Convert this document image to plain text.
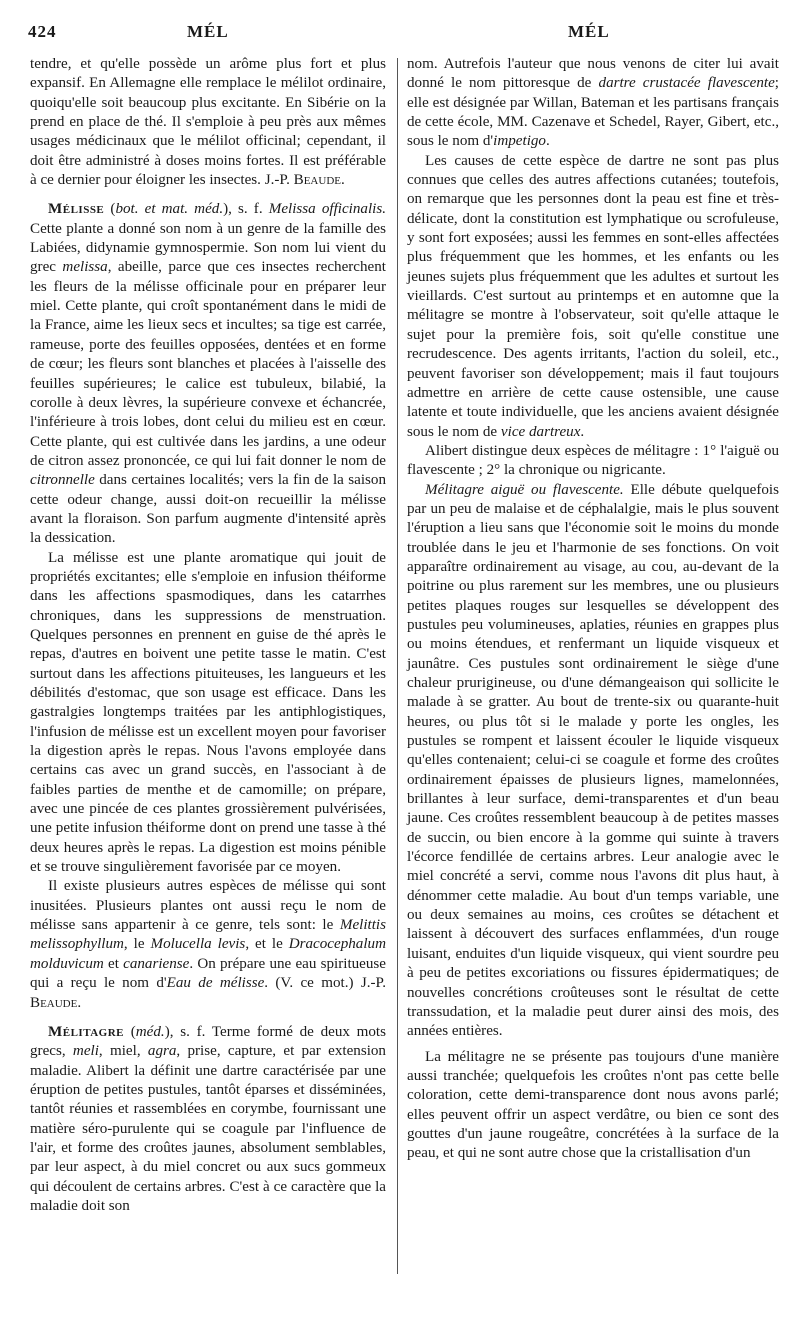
424	MÉL	MÉL

tendre, et qu'elle possède un arôme plus fort et plus expansif. En Allemagne elle remplace le mélilot ordinaire, quoiqu'elle soit beaucoup plus excitante. En Sibérie on la prend en place de thé. Il s'emploie à peu près aux mêmes usages médicinaux que le mélilot officinal; cependant, il doit être administré à doses moins fortes. Il est préférable à ce dernier pour éloigner les insectes. J.-P. Beaude.

Mélisse (bot. et mat. méd.), s. f. Melissa officinalis. Cette plante a donné son nom à un genre de la famille des Labiées, didynamie gymnospermie. Son nom lui vient du grec melissa, abeille, parce que ces insectes recherchent les fleurs de la mélisse officinale pour en préparer leur miel. Cette plante, qui croît spontanément dans le midi de la France, aime les lieux secs et incultes; sa tige est carrée, rameuse, porte des feuilles opposées, dentées et en forme de cœur; les fleurs sont blanches et placées à l'aisselle des feuilles supérieures; le calice est tubuleux, bilabié, la corolle à deux lèvres, la supérieure convexe et échancrée, l'inférieure à trois lobes, dont celui du milieu est en cœur. Cette plante, qui est cultivée dans les jardins, a une odeur de citron assez prononcée, ce qui lui fait donner le nom de citronnelle dans certaines localités; vers la fin de la saison cette odeur change, aussi doit-on recueillir la mélisse avant la floraison. Son parfum augmente d'intensité après la dessication.

La mélisse est une plante aromatique qui jouit de propriétés excitantes; elle s'emploie en infusion théiforme dans les affections spasmodiques, dans les catarrhes chroniques, dans les suppressions de menstruation. Quelques personnes en prennent en guise de thé après le repas, d'autres en boivent une petite tasse le matin. C'est surtout dans les affections pituiteuses, les langueurs et les débilités d'estomac, que son usage est efficace. Dans les gastralgies longtemps traitées par les antiphlogistiques, l'infusion de mélisse est un excellent moyen pour favoriser la digestion après le repas. Nous l'avons employée dans certains cas avec un grand succès, en l'associant à de faibles parties de menthe et de camomille; on prépare, avec une pincée de ces plantes grossièrement pulvérisées, une petite infusion théiforme dont on prend une tasse à thé deux heures après le repas. La digestion est moins pénible et se trouve singulièrement favorisée par ce moyen.

Il existe plusieurs autres espèces de mélisse qui sont inusitées. Plusieurs plantes ont aussi reçu le nom de mélisse sans appartenir à ce genre, tels sont: le Melittis melissophyllum, le Molucella levis, et le Dracocephalum molduvicum et canariense. On prépare une eau spiritueuse qui a reçu le nom d'Eau de mélisse. (V. ce mot.) J.-P. Beaude.

Mélitagre (méd.), s. f. Terme formé de deux mots grecs, meli, miel, agra, prise, capture, et par extension maladie. Alibert la définit une dartre caractérisée par une éruption de petites pustules, tantôt éparses et disséminées, tantôt réunies et rassemblées en corymbe, fournissant une matière séro-purulente qui se coagule par l'influence de l'air, et forme des croûtes jaunes, absolument semblables, par leur aspect, à du miel concret ou aux sucs gommeux qui découlent de certains arbres. C'est à ce caractère que la maladie doit son

nom. Autrefois l'auteur que nous venons de citer lui avait donné le nom pittoresque de dartre crustacée flavescente; elle est désignée par Willan, Bateman et les partisans français de cette école, MM. Cazenave et Schedel, Rayer, Gibert, etc., sous le nom d'impetigo.

Les causes de cette espèce de dartre ne sont pas plus connues que celles des autres affections cutanées; toutefois, on remarque que les personnes dont la peau est fine et très-délicate, dont la constitution est lymphatique ou scrofuleuse, y sont fort exposées; aussi les femmes en sont-elles affectées plus fréquemment que les hommes, et les enfants ou les jeunes sujets plus fréquemment que les adultes et surtout les vieillards. C'est surtout au printemps et en automne que la mélitagre se montre à l'observateur, soit qu'elle attaque le sujet pour la première fois, soit qu'elle constitue une recrudescence. Des agents irritants, l'action du soleil, etc., peuvent favoriser son développement; mais il faut toujours admettre en arrière de cette cause ostensible, une cause latente et toute individuelle, que les anciens avaient désignée sous le nom de vice dartreux.

Alibert distingue deux espèces de mélitagre : 1° l'aiguë ou flavescente ; 2° la chronique ou nigricante.

Mélitagre aiguë ou flavescente. Elle débute quelquefois par un peu de malaise et de céphalalgie, mais le plus souvent l'éruption a lieu sans que l'économie soit le moins du monde troublée dans le jeu et l'harmonie de ses fonctions. On voit apparaître ordinairement au visage, au cou, au-devant de la poitrine ou plus rarement sur les membres, une ou plusieurs petites plaques rouges sur lesquelles se développent des pustules peu volumineuses, aplaties, réunies en grappes plus ou moins étendues, et renfermant un liquide visqueux et jaunâtre. Ces pustules sont ordinairement le siège d'une chaleur prurigineuse, ou d'une démangeaison qui sollicite le malade à se gratter. Au bout de trente-six ou quarante-huit heures, ou plus tôt si le malade y porte les ongles, les pustules se rompent et laissent écouler le liquide visqueux qu'elles contenaient; celui-ci se coagule et forme des croûtes ordinairement épaisses de plusieurs lignes, mamelonnées, brillantes à leur surface, demi-transparentes et d'un beau jaune. Ces croûtes ressemblent beaucoup à de petites masses de succin, ou bien encore à la gomme qui suinte à travers l'écorce fendillée de certains arbres. Leur analogie avec le miel concrété a servi, comme nous l'avons dit plus haut, à dénommer cette maladie. Au bout d'un temps variable, une ou deux semaines au moins, ces croûtes se détachent et laissent à découvert des surfaces enflammées, d'un rouge luisant, enduites d'un liquide visqueux, qui vient sourdre peu à peu de petites excoriations ou fissures épidermatiques; de nouvelles concrétions croûteuses sont le résultat de cette transsudation, et la maladie peut durer ainsi des mois, des années entières.

La mélitagre ne se présente pas toujours d'une manière aussi tranchée; quelquefois les croûtes n'ont pas cette belle coloration, cette demi-transparence dont nous avons parlé; elles peuvent offrir un aspect verdâtre, ou bien ce sont des gouttes d'un jaune rougeâtre, concrétées à la surface de la peau, et qui ne sont autre chose que la cristallisation d'un
